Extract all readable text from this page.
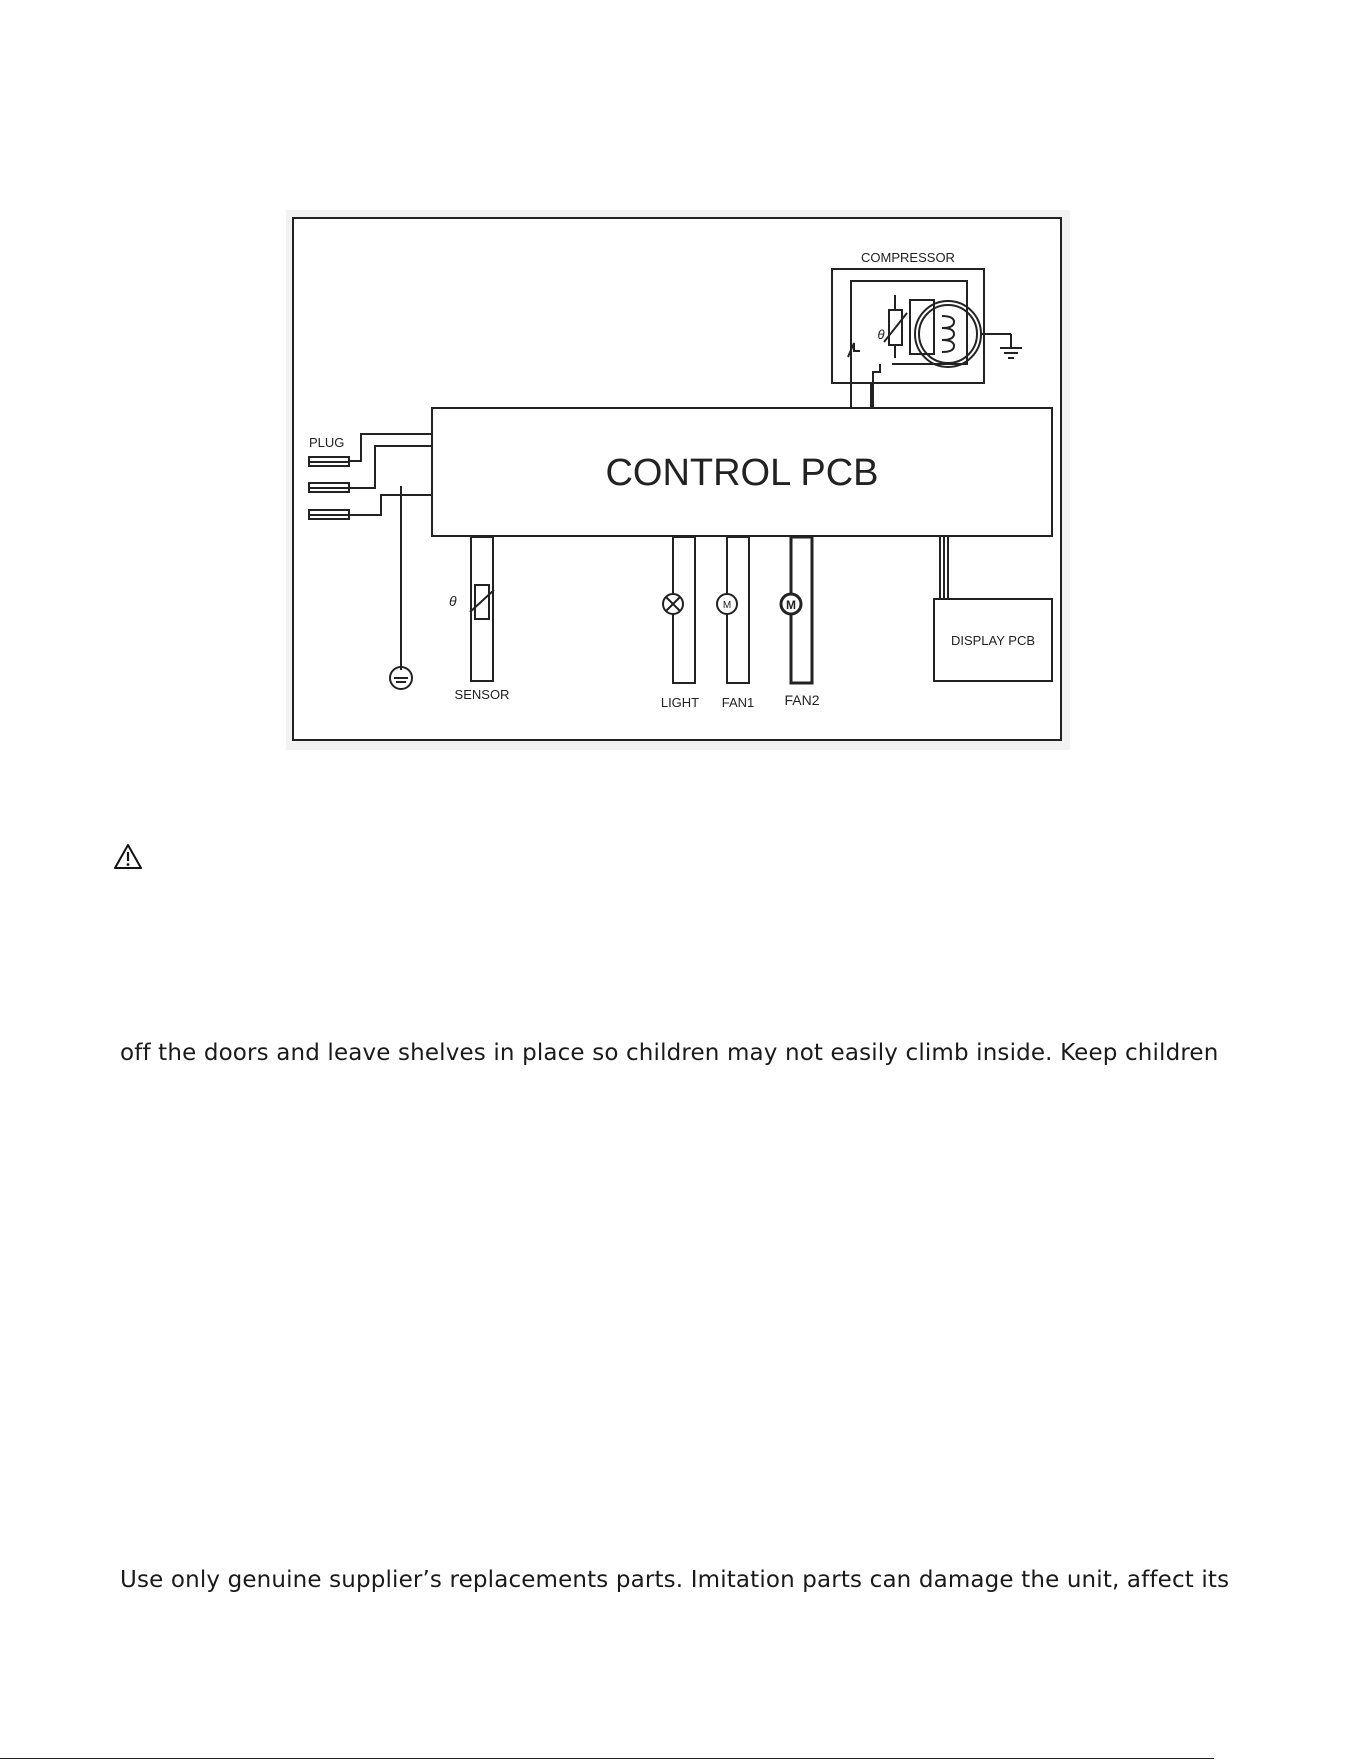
COMPRESSOR
θ
PLUG
CONTROL PCB
θ
SENSOR
LIGHT
M
FAN1
M
FAN2
DISPLAY PCB
off the doors and leave shelves in place so children may not easily climb inside. Keep children
Use only genuine supplier’s replacements parts. Imitation parts can damage the unit, affect its
